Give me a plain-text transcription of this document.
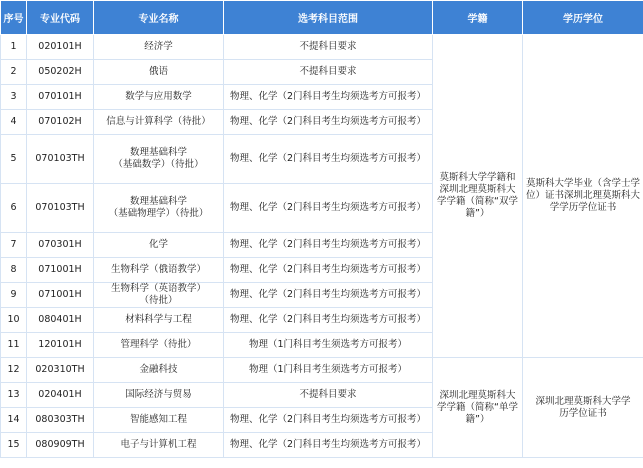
序号	专业代码	专业名称	选考科目范围	学籍	学历学位
1	020101H	经济学	不提科目要求	莫斯科大学学籍和深圳北理莫斯科大学学籍（简称“双学籍”）	莫斯科大学毕业（含学士学位）证书深圳北理莫斯科大学学历学位证书

2	050202H	俄语	不提科目要求		
3	070101H	数学与应用数学	物理、化学（2门科目考生均须选考方可报考）		
4	070102H	信息与计算科学（待批）	物理、化学（2门科目考生均须选考方可报考）		
5	070103TH	数理基础科学
（基础数学）（待批）	物理、化学（2门科目考生均须选考方可报考）		
6	070103TH	数理基础科学
（基础物理学）（待批）	物理、化学（2门科目考生均须选考方可报考）		
7	070301H	化学	物理、化学（2门科目考生均须选考方可报考）		
8	071001H	生物科学（俄语教学）	物理、化学（2门科目考生均须选考方可报考）		
9	071001H	生物科学（英语教学）
（待批）	物理、化学（2门科目考生均须选考方可报考）		
10	080401H	材料科学与工程	物理、化学（2门科目考生均须选考方可报考）		
11	120101H	管理科学（待批）	物理（1门科目考生须选考方可报考）		
12	020310TH	金融科技	物理（1门科目考生须选考方可报考）	深圳北理莫斯科大学学籍（简称“单学籍”）	深圳北理莫斯科大学学历学位证书

13	020401H	国际经济与贸易	不提科目要求		
14	080303TH	智能感知工程	物理、化学（2门科目考生均须选考方可报考）		
15	080909TH	电子与计算机工程	物理、化学（2门科目考生均须选考方可报考）		
